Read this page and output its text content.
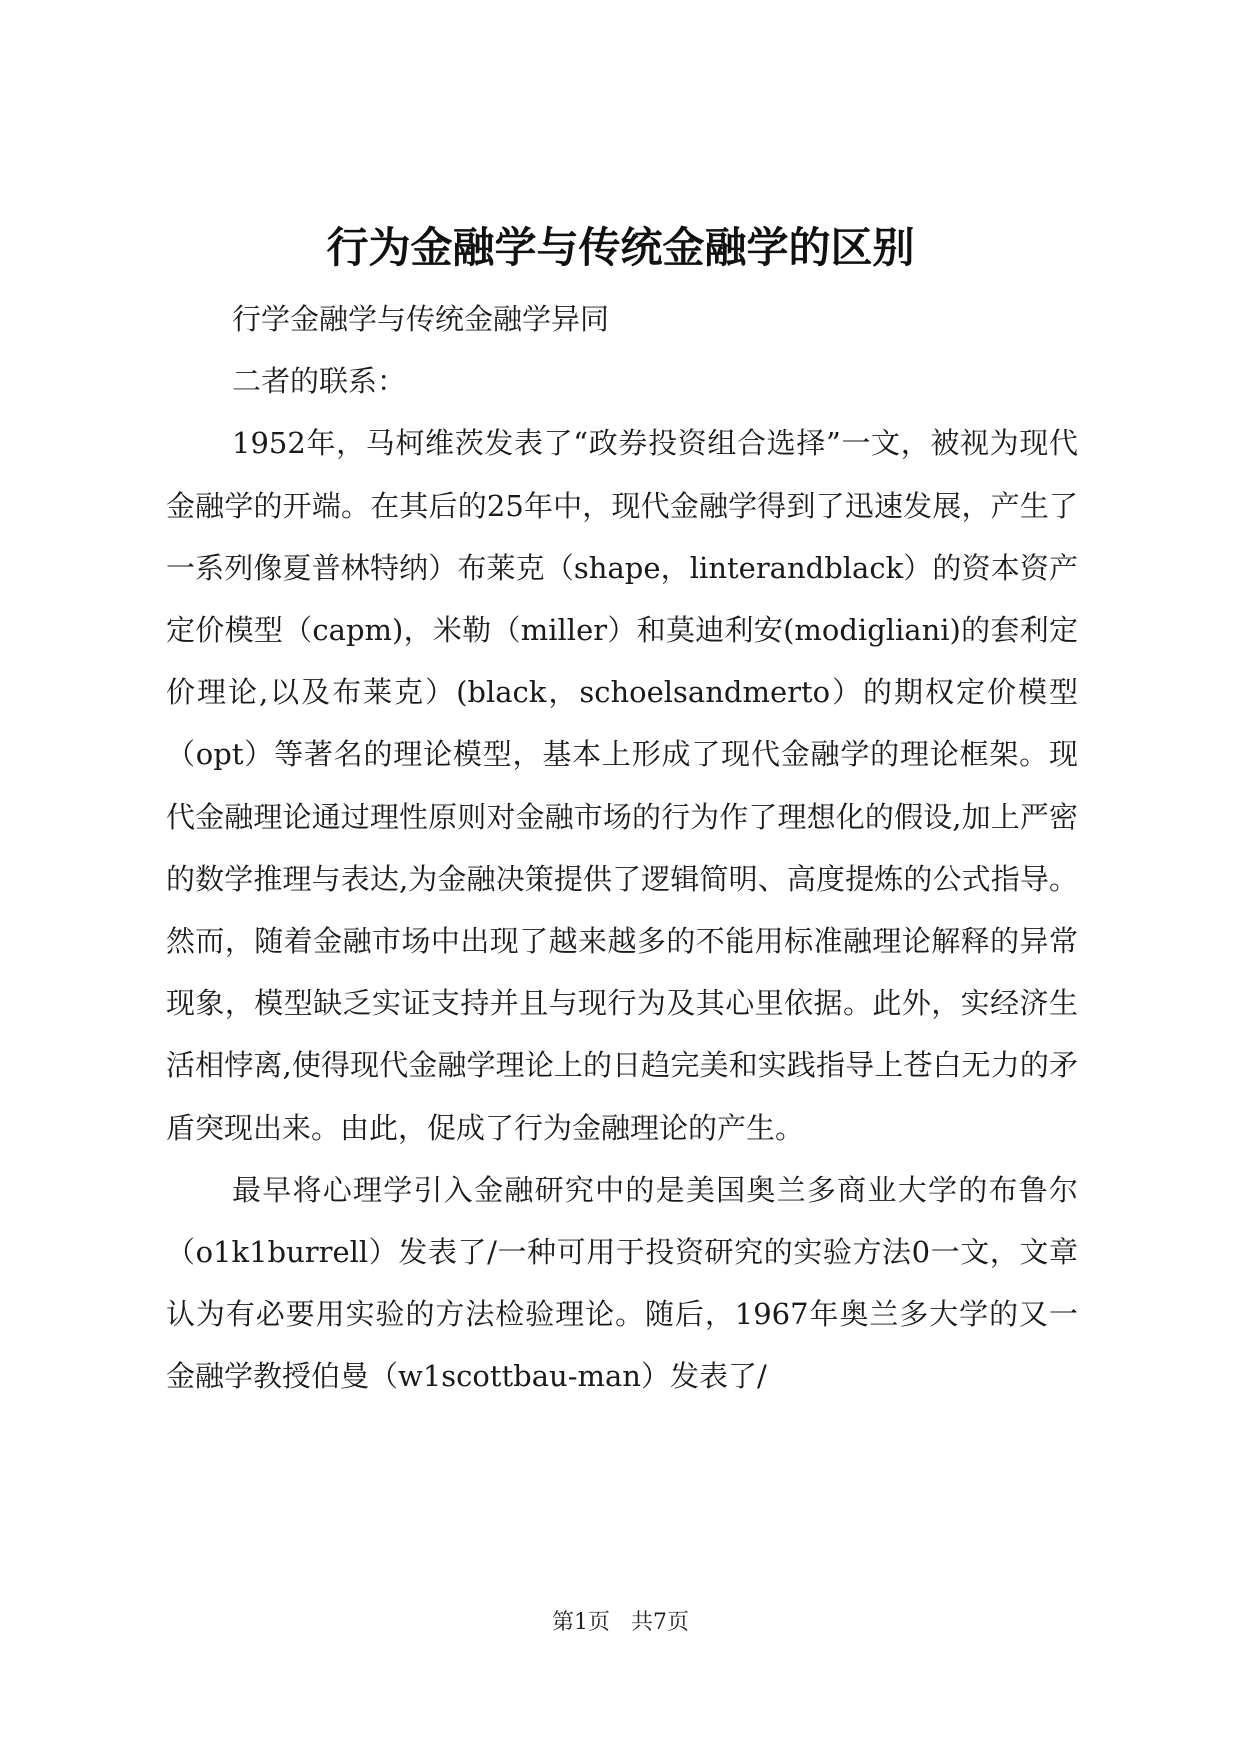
行为金融学与传统金融学的区别

行学金融学与传统金融学异同

二者的联系：

1952年，马柯维茨发表了“政券投资组合选择”一文，被视为现代金融学的开端。在其后的25年中，现代金融学得到了迅速发展，产生了一系列像夏普林特纳）布莱克（shape，linterandblack）的资本资产定价模型（capm)，米勒（miller）和莫迪利安(modigliani)的套利定价理论,以及布莱克）(black，schoelsandmerto）的期权定价模型（opt）等著名的理论模型，基本上形成了现代金融学的理论框架。现代金融理论通过理性原则对金融市场的行为作了理想化的假设,加上严密的数学推理与表达,为金融决策提供了逻辑简明、高度提炼的公式指导。然而，随着金融市场中出现了越来越多的不能用标准融理论解释的异常现象，模型缺乏实证支持并且与现行为及其心里依据。此外，实经济生活相悖离,使得现代金融学理论上的日趋完美和实践指导上苍白无力的矛盾突现出来。由此，促成了行为金融理论的产生。

最早将心理学引入金融研究中的是美国奥兰多商业大学的布鲁尔（o1k1burrell）发表了/一种可用于投资研究的实验方法0一文，文章认为有必要用实验的方法检验理论。随后，1967年奥兰多大学的又一金融学教授伯曼（w1scottbau-man）发表了/

第1页 共7页
